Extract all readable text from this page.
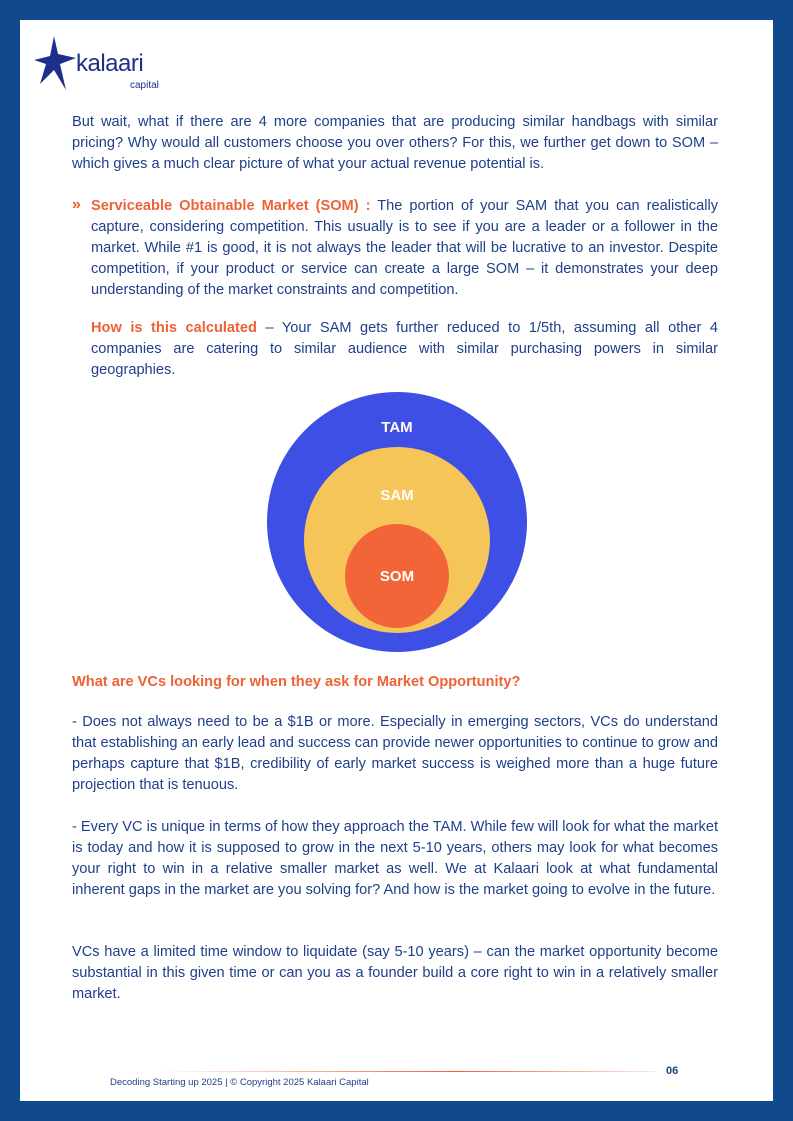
kalaari
capital

But wait, what if there are 4 more companies that are producing similar handbags with similar pricing? Why would all customers choose you over others? For this, we further get down to SOM – which gives a much clear picture of what your actual revenue potential is.

» Serviceable Obtainable Market (SOM) : The portion of your SAM that you can realistically capture, considering competition. This usually is to see if you are a leader or a follower in the market. While #1 is good, it is not always the leader that will be lucrative to an investor. Despite competition, if your product or service can create a large SOM – it demonstrates your deep understanding of the market constraints and competition.

How is this calculated – Your SAM gets further reduced to 1/5th, assuming all other 4 companies are catering to similar audience with similar purchasing powers in similar geographies.

TAM
SAM
SOM
What are VCs looking for when they ask for Market Opportunity?

- Does not always need to be a $1B or more. Especially in emerging sectors, VCs do understand that establishing an early lead and success can provide newer opportunities to continue to grow and perhaps capture that $1B, credibility of early market success is weighed more than a huge future projection that is tenuous.

- Every VC is unique in terms of how they approach the TAM. While few will look for what the market is today and how it is supposed to grow in the next 5-10 years, others may look for what becomes your right to win in a relative smaller market as well. We at Kalaari look at what fundamental inherent gaps in the market are you solving for? And how is the market going to evolve in the future.

VCs have a limited time window to liquidate (say 5-10 years) – can the market opportunity become substantial in this given time or can you as a founder build a core right to win in a relatively smaller market.

Decoding Starting up 2025 | © Copyright 2025 Kalaari Capital
06
